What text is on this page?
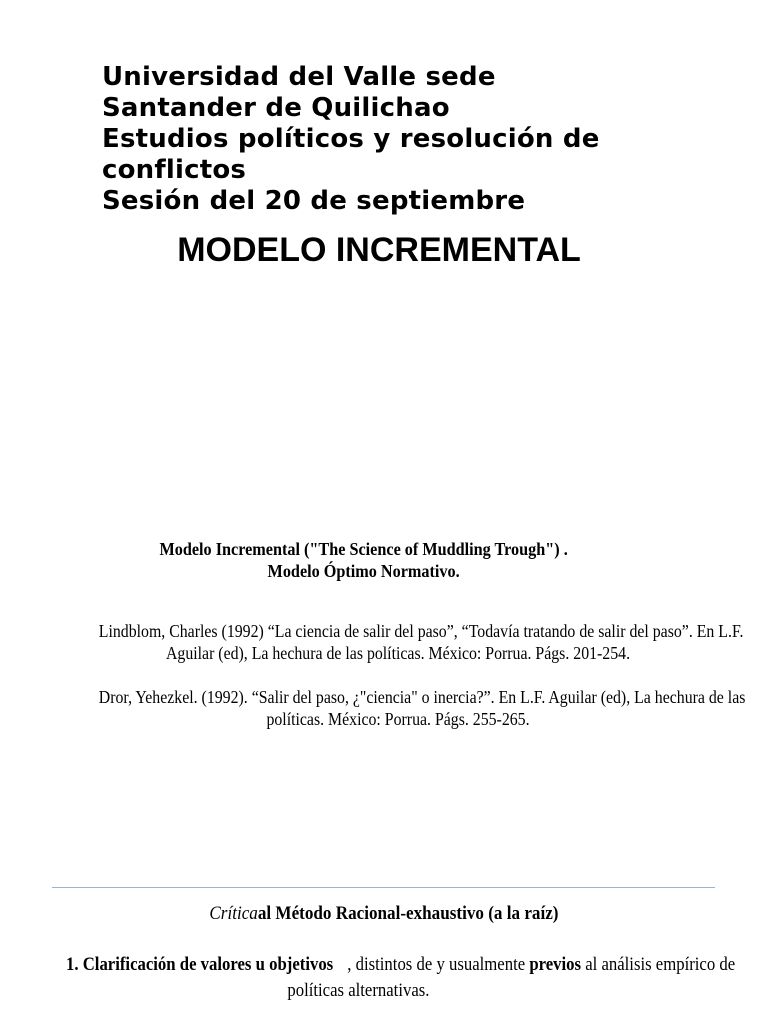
Universidad del Valle sede
Santander de Quilichao
Estudios políticos y resolución de
conflictos
Sesión del 20 de septiembre
MODELO INCREMENTAL
Modelo Incremental ("The Science of Muddling Trough") .
Modelo Óptimo Normativo.
Lindblom, Charles (1992) “La ciencia de salir del paso”, “Todavía tratando de salir del paso”. En L.F.
Aguilar (ed), La hechura de las políticas. México: Porrua. Págs. 201-254.
Dror, Yehezkel. (1992). “Salir del paso, ¿"ciencia" o inercia?”. En L.F. Aguilar (ed), La hechura de las
políticas. México: Porrua. Págs. 255-265.
Críticaal Método Racional-exhaustivo (a la raíz)
1. Clarificación de valores u objetivos , distintos de y usualmente previos al análisis empírico de
políticas alternativas.
